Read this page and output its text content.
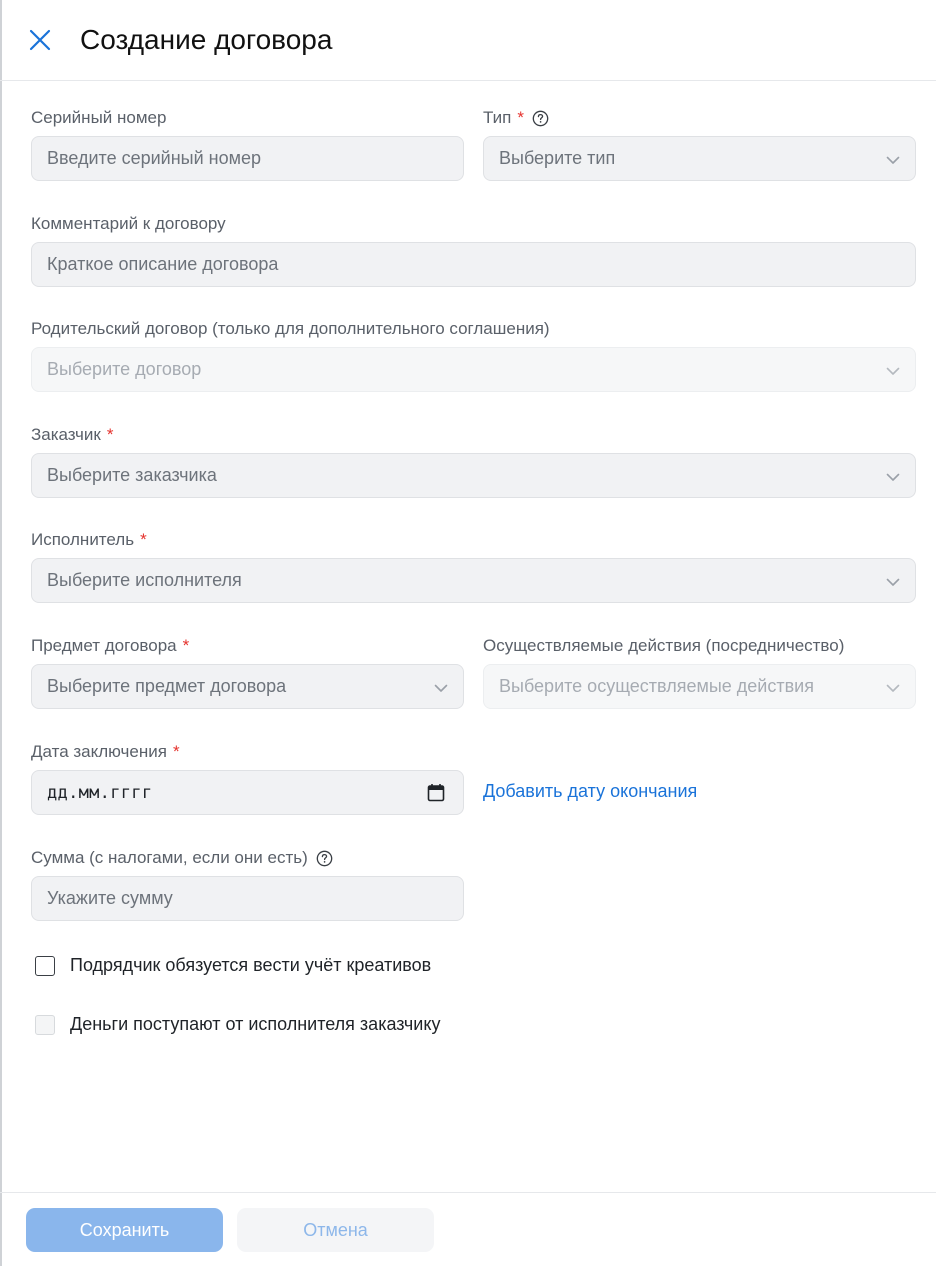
Создание договора
Серийный номер
Введите серийный номер
Тип *
Выберите тип
Комментарий к договору
Краткое описание договора
Родительский договор (только для дополнительного соглашения)
Выберите договор
Заказчик *
Выберите заказчика
Исполнитель *
Выберите исполнителя
Предмет договора *
Выберите предмет договора
Осуществляемые действия (посредничество)
Выберите осуществляемые действия
Дата заключения *
дд.мм.гггг	Добавить дату окончания
Сумма (с налогами, если они есть)
Укажите сумму
Подрядчик обязуется вести учёт креативов
Деньги поступают от исполнителя заказчику
Сохранить	Отмена
